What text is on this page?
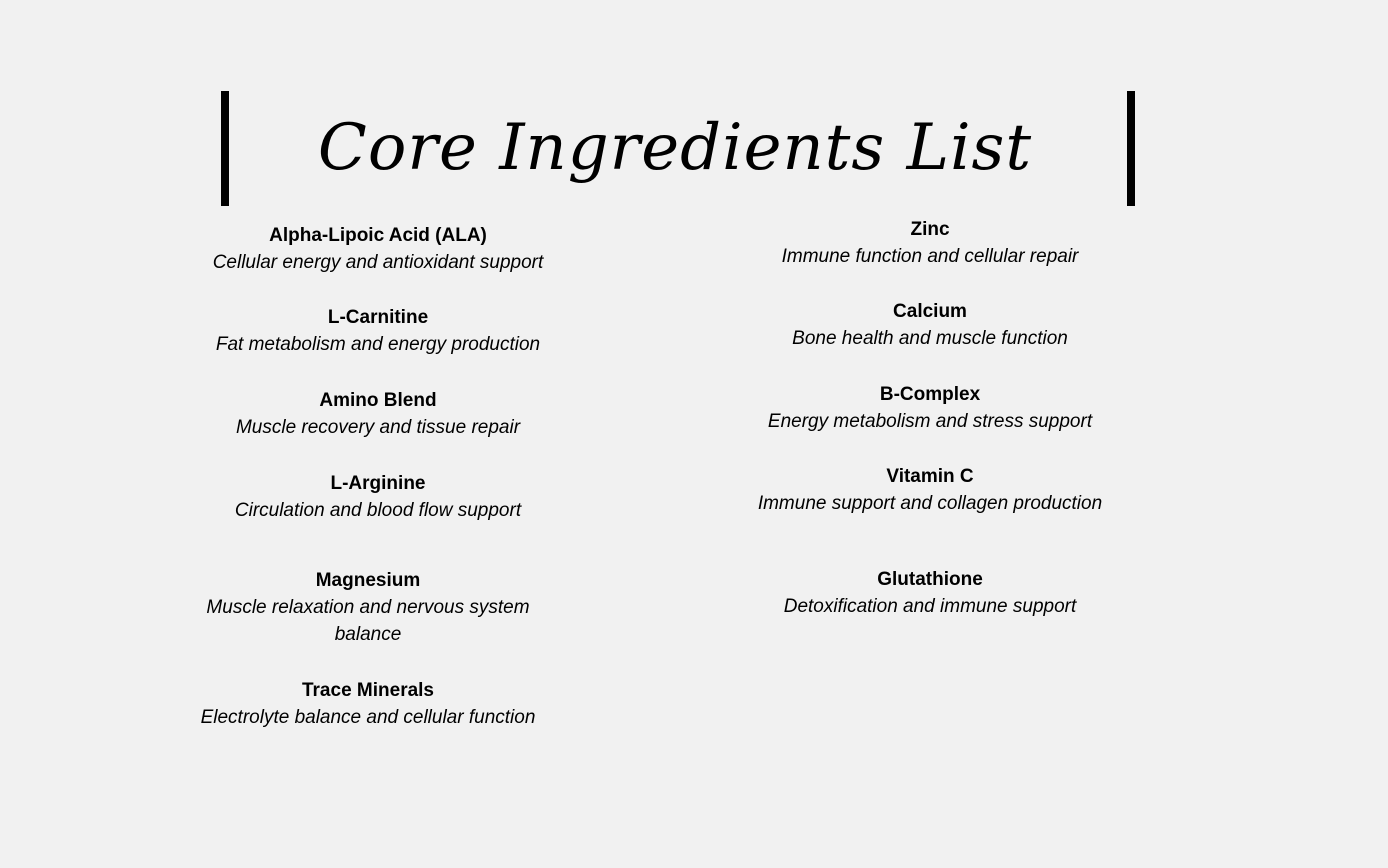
Core Ingredients List
Alpha-Lipoic Acid (ALA)
Cellular energy and antioxidant support
L-Carnitine
Fat metabolism and energy production
Amino Blend
Muscle recovery and tissue repair
L-Arginine
Circulation and blood flow support
Magnesium
Muscle relaxation and nervous system balance
Trace Minerals
Electrolyte balance and cellular function
Zinc
Immune function and cellular repair
Calcium
Bone health and muscle function
B-Complex
Energy metabolism and stress support
Vitamin C
Immune support and collagen production
Glutathione
Detoxification and immune support
